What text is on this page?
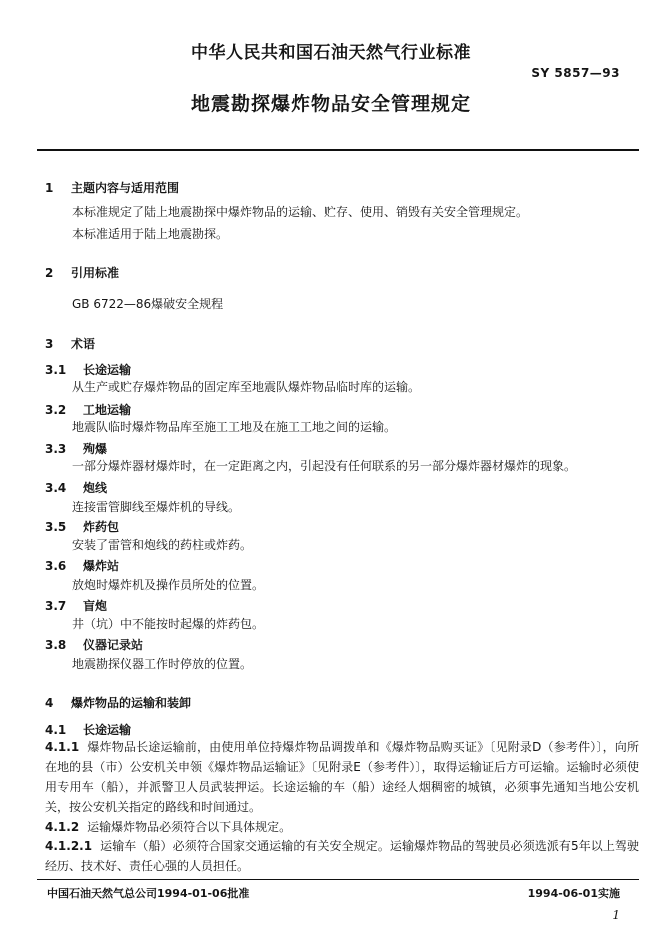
中华人民共和国石油天然气行业标准
SY 5857—93
地震勘探爆炸物品安全管理规定
1 主题内容与适用范围
本标准规定了陆上地震勘探中爆炸物品的运输、贮存、使用、销毁有关安全管理规定。
本标准适用于陆上地震勘探。
2 引用标准
GB 6722—86爆破安全规程
3 术语
3.1 长途运输
从生产或贮存爆炸物品的固定库至地震队爆炸物品临时库的运输。
3.2 工地运输
地震队临时爆炸物品库至施工工地及在施工工地之间的运输。
3.3 殉爆
一部分爆炸器材爆炸时，在一定距离之内，引起没有任何联系的另一部分爆炸器材爆炸的现象。
3.4 炮线
连接雷管脚线至爆炸机的导线。
3.5 炸药包
安装了雷管和炮线的药柱或炸药。
3.6 爆炸站
放炮时爆炸机及操作员所处的位置。
3.7 盲炮
井（坑）中不能按时起爆的炸药包。
3.8 仪器记录站
地震勘探仪器工作时停放的位置。
4 爆炸物品的运输和装卸
4.1 长途运输
4.1.1 爆炸物品长途运输前，由使用单位持爆炸物品调拨单和《爆炸物品购买证》〔见附录D（参考件）〕，向所在地的县（市）公安机关申领《爆炸物品运输证》〔见附录E（参考件）〕，取得运输证后方可运输。运输时必须使用专用车（船），并派警卫人员武装押运。长途运输的车（船）途经人烟稠密的城镇，必须事先通知当地公安机关，按公安机关指定的路线和时间通过。
4.1.2 运输爆炸物品必须符合以下具体规定。
4.1.2.1 运输车（船）必须符合国家交通运输的有关安全规定。运输爆炸物品的驾驶员必须选派有5年以上驾驶经历、技术好、责任心强的人员担任。
中国石油天然气总公司1994-01-06批准	1994-06-01实施
1
